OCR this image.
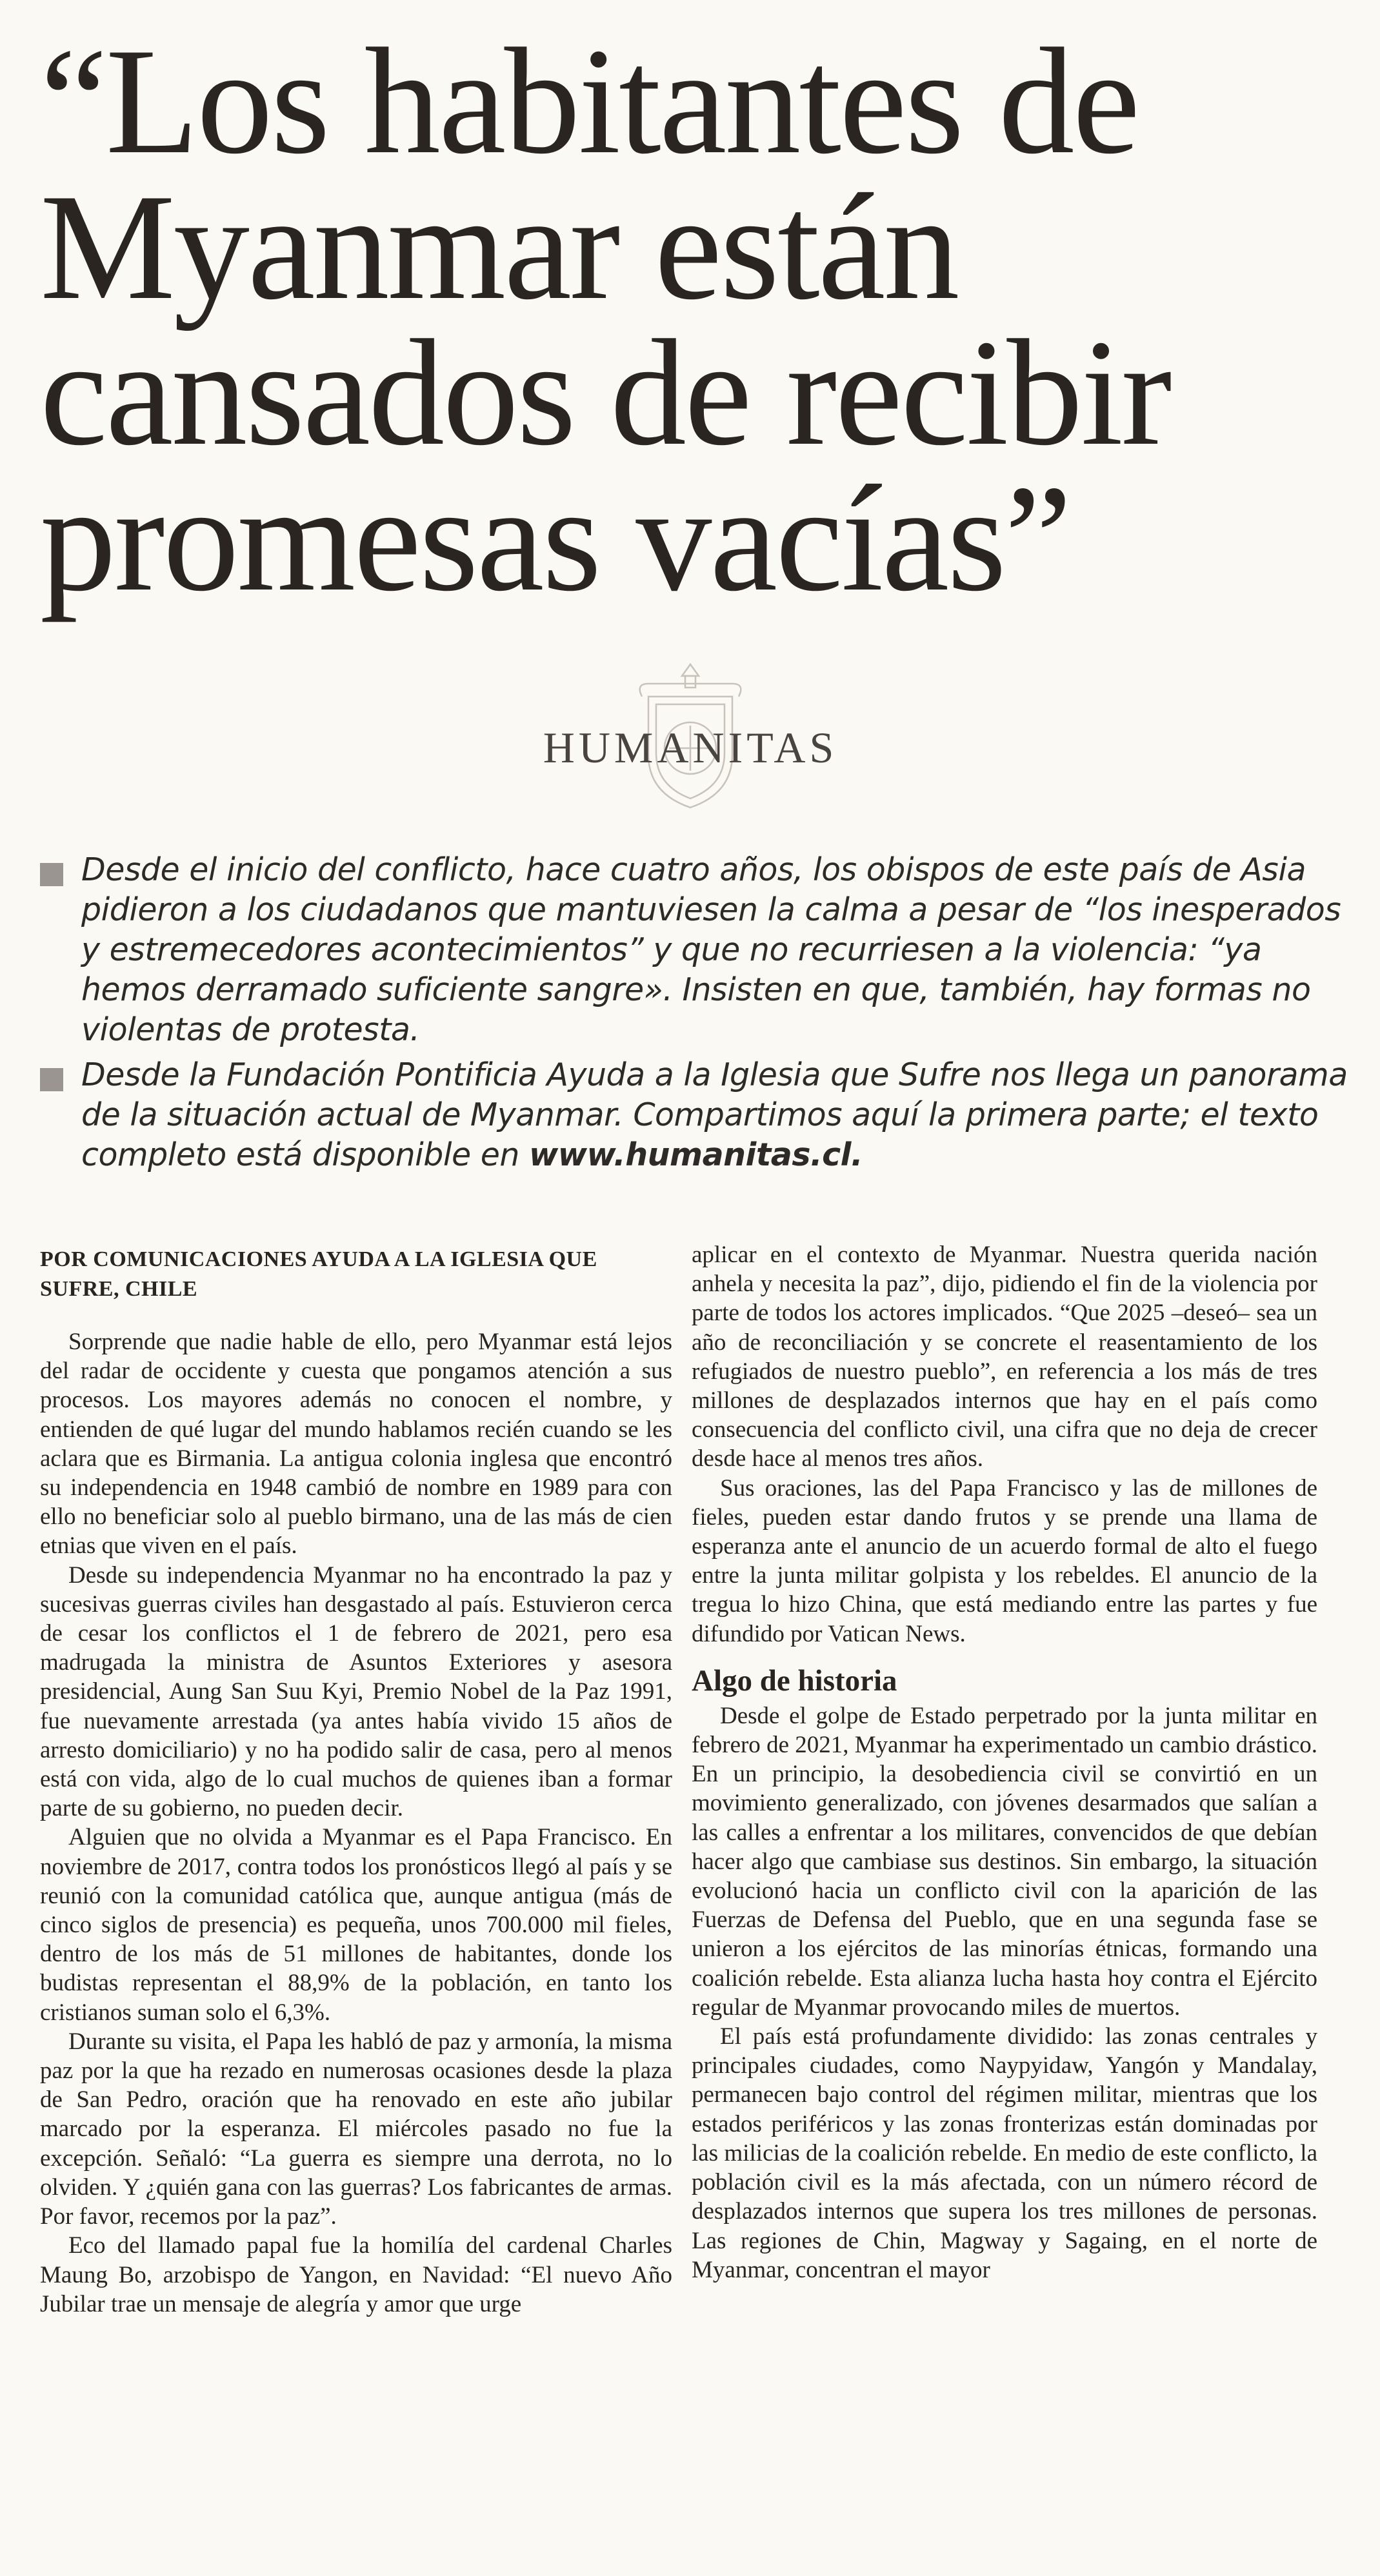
“Los habitantes de
Myanmar están
cansados de recibir
promesas vacías”
HUMANITAS

Desde el inicio del conflicto, hace cuatro años, los obispos de este país de Asia pidieron a los ciudadanos que mantuviesen la calma a pesar de “los inesperados y estremecedores acontecimientos” y que no recurriesen a la violencia: “ya hemos derramado suficiente sangre». Insisten en que, también, hay formas no violentas de protesta.

Desde la Fundación Pontificia Ayuda a la Iglesia que Sufre nos llega un panorama de la situación actual de Myanmar. Compartimos aquí la primera parte; el texto completo está disponible en www.humanitas.cl.

POR COMUNICACIONES AYUDA A LA IGLESIA QUE SUFRE, CHILE

Sorprende que nadie hable de ello, pero Myanmar está lejos del radar de occidente y cuesta que pongamos atención a sus procesos. Los mayores además no conocen el nombre, y entienden de qué lugar del mundo hablamos recién cuando se les aclara que es Birmania. La antigua colonia inglesa que encontró su independencia en 1948 cambió de nombre en 1989 para con ello no beneficiar solo al pueblo birmano, una de las más de cien etnias que viven en el país.

Desde su independencia Myanmar no ha encontrado la paz y sucesivas guerras civiles han desgastado al país. Estuvieron cerca de cesar los conflictos el 1 de febrero de 2021, pero esa madrugada la ministra de Asuntos Exteriores y asesora presidencial, Aung San Suu Kyi, Premio Nobel de la Paz 1991, fue nuevamente arrestada (ya antes había vivido 15 años de arresto domiciliario) y no ha podido salir de casa, pero al menos está con vida, algo de lo cual muchos de quienes iban a formar parte de su gobierno, no pueden decir.

Alguien que no olvida a Myanmar es el Papa Francisco. En noviembre de 2017, contra todos los pronósticos llegó al país y se reunió con la comunidad católica que, aunque antigua (más de cinco siglos de presencia) es pequeña, unos 700.000 mil fieles, dentro de los más de 51 millones de habitantes, donde los budistas representan el 88,9% de la población, en tanto los cristianos suman solo el 6,3%.

Durante su visita, el Papa les habló de paz y armonía, la misma paz por la que ha rezado en numerosas ocasiones desde la plaza de San Pedro, oración que ha renovado en este año jubilar marcado por la esperanza. El miércoles pasado no fue la excepción. Señaló: “La guerra es siempre una derrota, no lo olviden. Y ¿quién gana con las guerras? Los fabricantes de armas. Por favor, recemos por la paz”.

Eco del llamado papal fue la homilía del cardenal Charles Maung Bo, arzobispo de Yangon, en Navidad: “El nuevo Año Jubilar trae un mensaje de alegría y amor que urge

aplicar en el contexto de Myanmar. Nuestra querida nación anhela y necesita la paz”, dijo, pidiendo el fin de la violencia por parte de todos los actores implicados. “Que 2025 –deseó– sea un año de reconciliación y se concrete el reasentamiento de los refugiados de nuestro pueblo”, en referencia a los más de tres millones de desplazados internos que hay en el país como consecuencia del conflicto civil, una cifra que no deja de crecer desde hace al menos tres años.

Sus oraciones, las del Papa Francisco y las de millones de fieles, pueden estar dando frutos y se prende una llama de esperanza ante el anuncio de un acuerdo formal de alto el fuego entre la junta militar golpista y los rebeldes. El anuncio de la tregua lo hizo China, que está mediando entre las partes y fue difundido por Vatican News.

Algo de historia

Desde el golpe de Estado perpetrado por la junta militar en febrero de 2021, Myanmar ha experimentado un cambio drástico. En un principio, la desobediencia civil se convirtió en un movimiento generalizado, con jóvenes desarmados que salían a las calles a enfrentar a los militares, convencidos de que debían hacer algo que cambiase sus destinos. Sin embargo, la situación evolucionó hacia un conflicto civil con la aparición de las Fuerzas de Defensa del Pueblo, que en una segunda fase se unieron a los ejércitos de las minorías étnicas, formando una coalición rebelde. Esta alianza lucha hasta hoy contra el Ejército regular de Myanmar provocando miles de muertos.

El país está profundamente dividido: las zonas centrales y principales ciudades, como Naypyidaw, Yangón y Mandalay, permanecen bajo control del régimen militar, mientras que los estados periféricos y las zonas fronterizas están dominadas por las milicias de la coalición rebelde. En medio de este conflicto, la población civil es la más afectada, con un número récord de desplazados internos que supera los tres millones de personas. Las regiones de Chin, Magway y Sagaing, en el norte de Myanmar, concentran el mayor
